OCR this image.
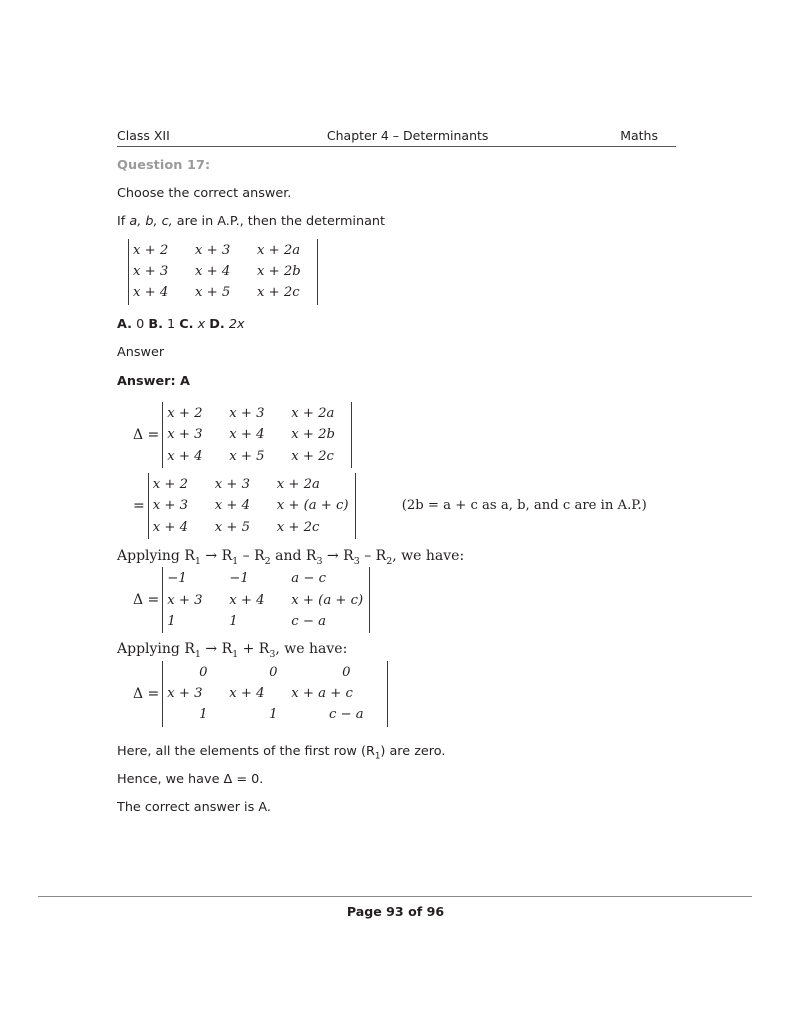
Class XII	Chapter 4 – Determinants	Maths
Question 17:
Choose the correct answer.
If a, b, c, are in A.P., then the determinant
x + 2	x + 3	x + 2a
x + 3	x + 4	x + 2b
x + 4	x + 5	x + 2c
A. 0 B. 1 C. x D. 2x
Answer
Answer: A
Δ =
x + 2	x + 3	x + 2a
x + 3	x + 4	x + 2b
x + 4	x + 5	x + 2c
=
x + 2	x + 3	x + 2a
x + 3	x + 4	x + (a + c)
x + 4	x + 5	x + 2c
(2b = a + c as a, b, and c are in A.P.)
Applying $R_1 \to R_1 - R_2$ and $R_3 \to R_3 - R_2$, we have:
Δ =
−1	−1	a − c
x + 3	x + 4	x + (a + c)
1	1	c − a
Applying $R_1 \to R_1 + R_3$, we have:
Δ =
0	0	0
x + 3	x + 4	x + a + c
1	1	c − a
Here, all the elements of the first row $(R_1)$ are zero.
Hence, we have Δ = 0.
The correct answer is A.
Page 93 of 96
